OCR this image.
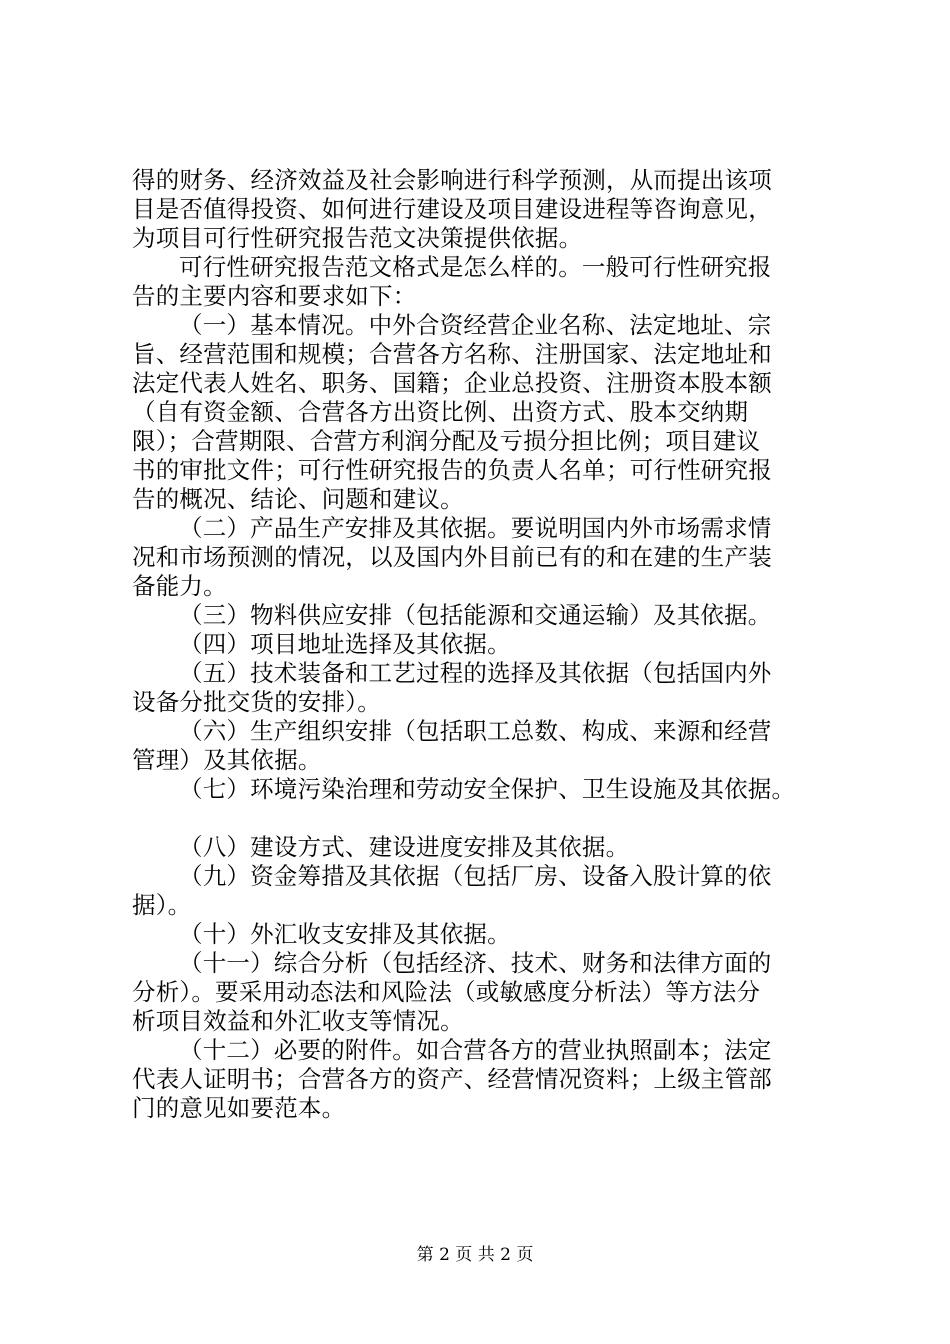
得的财务、经济效益及社会影响进行科学预测，从而提出该项
目是否值得投资、如何进行建设及项目建设进程等咨询意见，
为项目可行性研究报告范文决策提供依据。
可行性研究报告范文格式是怎么样的。一般可行性研究报
告的主要内容和要求如下：
（一）基本情况。中外合资经营企业名称、法定地址、宗
旨、经营范围和规模；合营各方名称、注册国家、法定地址和
法定代表人姓名、职务、国籍；企业总投资、注册资本股本额
（自有资金额、合营各方出资比例、出资方式、股本交纳期
限）；合营期限、合营方利润分配及亏损分担比例；项目建议
书的审批文件；可行性研究报告的负责人名单；可行性研究报
告的概况、结论、问题和建议。
（二）产品生产安排及其依据。要说明国内外市场需求情
况和市场预测的情况，以及国内外目前已有的和在建的生产装
备能力。
（三）物料供应安排（包括能源和交通运输）及其依据。
（四）项目地址选择及其依据。
（五）技术装备和工艺过程的选择及其依据（包括国内外
设备分批交货的安排）。
（六）生产组织安排（包括职工总数、构成、来源和经营
管理）及其依据。
（七）环境污染治理和劳动安全保护、卫生设施及其依据。
（八）建设方式、建设进度安排及其依据。
（九）资金筹措及其依据（包括厂房、设备入股计算的依
据）。
（十）外汇收支安排及其依据。
（十一）综合分析（包括经济、技术、财务和法律方面的
分析）。要采用动态法和风险法（或敏感度分析法）等方法分
析项目效益和外汇收支等情况。
（十二）必要的附件。如合营各方的营业执照副本；法定
代表人证明书；合营各方的资产、经营情况资料；上级主管部
门的意见如要范本。
第 2 页 共 2 页
